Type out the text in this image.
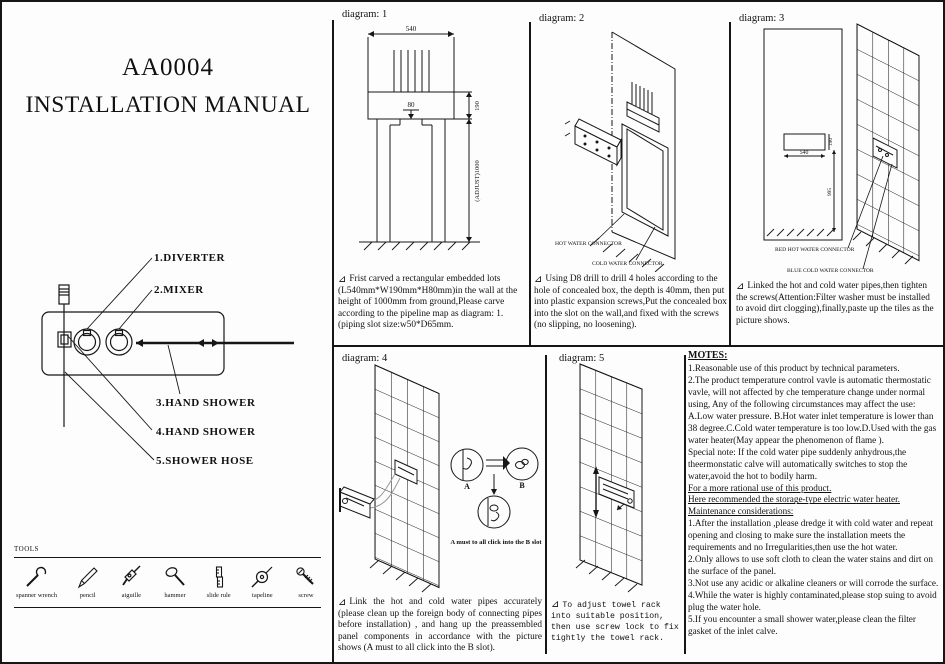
AA0004
INSTALLATION MANUAL
1.DIVERTER
2.MIXER
3.HAND SHOWER
4.HAND SHOWER
5.SHOWER HOSE
TOOLS
spanner wrench	pencil	aiguille	hammer	slide rule	tapeline	screw
diagram: 1
540
80	190
(ADJUST)1000
⊿ Frist carved a rectangular embedded lots (L540mm*W190mm*H80mm)in the wall at the height of 1000mm from ground,Please carve according to the pipeline map as diagram: 1. (piping slot size:w50*D65mm.
diagram: 2
HOT WATER CONNECTOR
COLD WATER CONNECTOR
⊿ Using D8 drill to drill 4 holes according to the hole of concealed box, the depth is 40mm, then put into plastic expansion screws,Put the concealed box into the slot on the wall,and fixed with the screws (no slipping, no loosening).
diagram: 3
540
190
995
RED HOT WATER CONNECTOR
BLUE COLD WATER CONNECTOR
⊿ Linked the hot and cold water pipes,then tighten the screws(Attention:Filter washer must be installed to avoid dirt clogging),finally,paste up the tiles as the picture shows.
diagram: 4
A	B
A must to all click into the B slot
⊿ Link the hot and cold water pipes accurately (please clean up the foreign body of connecting pipes before installation) , and hang up the preassembled panel components in accordance with the picture shows (A must to all click into the B slot).
diagram: 5
⊿ To adjust towel rack into suitable position, then use screw lock to fix tightly the towel rack.
MOTES:

1.Reasonable use of this product by technical parameters.

2.The product temperature control vavle is automatic thermostatic vavle, will not affected by che temperature change under normal using, Any of the following circumstances may affect the use:

A.Low water pressure. B.Hot water inlet temperature is lower than 38 degree.C.Cold water temperature is too low.D.Used with the gas water heater(May appear the phenomenon of flame ).

Special note: If the cold water pipe suddenly anhydrous,the theermonstatic calve will automatically switches to stop the water,avoid the hot to bodily harm.

For a more rational use of this product.

Here recommended the storage-type electric water heater.

Maintenance considerations:

1.After the installation ,please dredge it with cold water and repeat opening and closing to make sure the installation meets the requirements and no Irregularities,then use the hot water.

2.Only allows to use soft cloth to clean the water stains and dirt on the surface of the panel.

3.Not use any acidic or alkaline cleaners or will corrode the surface.

4.While the water is highly contaminated,please stop suing to avoid plug the water hole.

5.If you encounter a small shower water,please clean the filter gasket of the inlet calve.
